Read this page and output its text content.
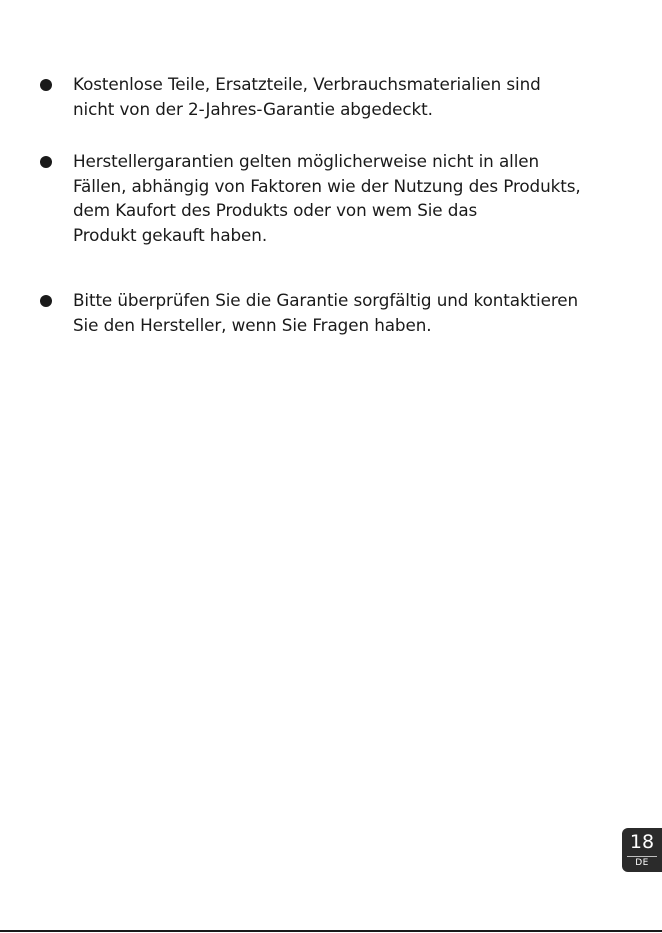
Kostenlose Teile, Ersatzteile, Verbrauchsmaterialien sind
nicht von der 2-Jahres-Garantie abgedeckt.
Herstellergarantien gelten möglicherweise nicht in allen
Fällen, abhängig von Faktoren wie der Nutzung des Produkts,
dem Kaufort des Produkts oder von wem Sie das
Produkt gekauft haben.
Bitte überprüfen Sie die Garantie sorgfältig und kontaktieren
Sie den Hersteller, wenn Sie Fragen haben.
18
DE
